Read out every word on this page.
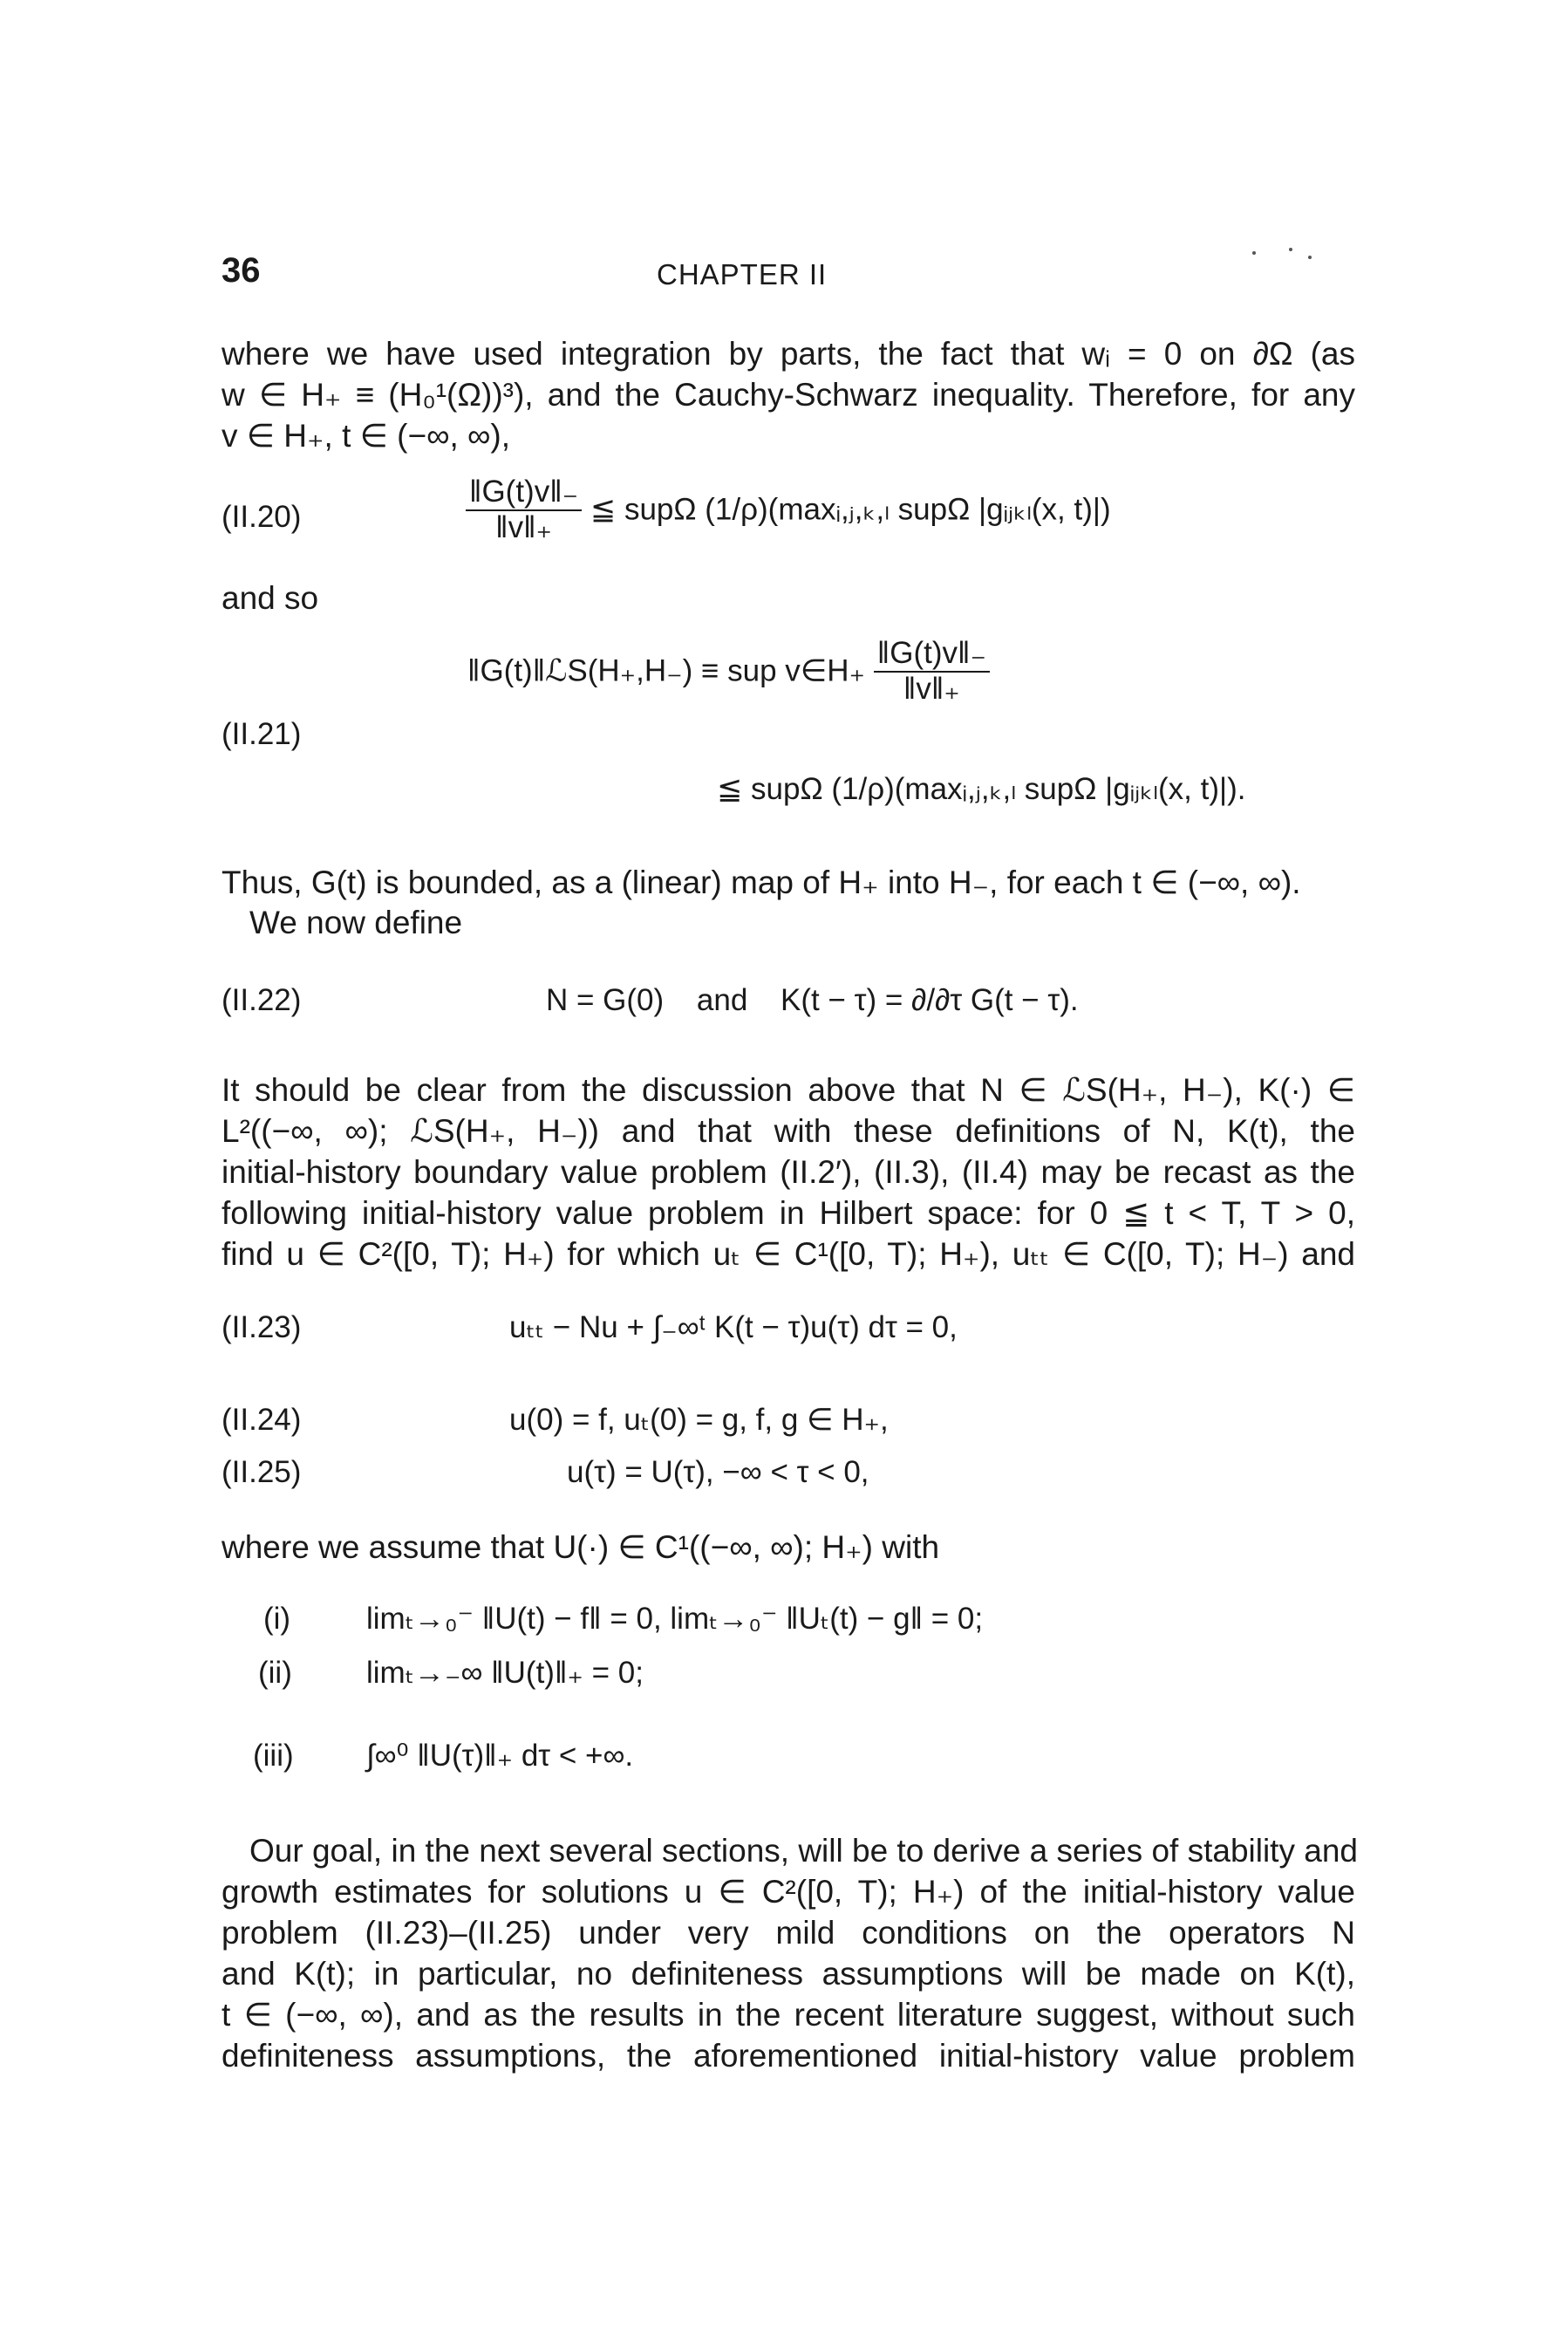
36	CHAPTER II
where we have used integration by parts, the fact that wᵢ = 0 on ∂Ω (as
w ∈ H₊ ≡ (H₀¹(Ω))³), and the Cauchy-Schwarz inequality. Therefore, for any
v ∈ H₊, t ∈ (−∞, ∞),
(II.20)	$\frac{‖G(t)v‖_-}{‖v‖_+}$ ≦ supΩ (1/ρ)(maxᵢ,ⱼ,ₖ,ₗ supΩ |gᵢⱼₖₗ(x, t)|)
and so
‖G(t)‖ℒS(H₊,H₋) ≡ sup v∈H₊ $\frac{‖G(t)v‖_-}{‖v‖_+}$
(II.21)
≦ supΩ (1/ρ)(maxᵢ,ⱼ,ₖ,ₗ supΩ |gᵢⱼₖₗ(x, t)|).
Thus, G(t) is bounded, as a (linear) map of H₊ into H₋, for each t ∈ (−∞, ∞).
We now define
(II.22)	N = G(0) and K(t − τ) = ∂/∂τ G(t − τ).
It should be clear from the discussion above that N ∈ ℒS(H₊, H₋), K(·) ∈
L²((−∞, ∞); ℒS(H₊, H₋)) and that with these definitions of N, K(t), the
initial-history boundary value problem (II.2′), (II.3), (II.4) may be recast as the
following initial-history value problem in Hilbert space: for 0 ≦ t < T, T > 0,
find u ∈ C²([0, T); H₊) for which uₜ ∈ C¹([0, T); H₊), uₜₜ ∈ C([0, T); H₋) and
(II.23)	uₜₜ − Nu + ∫₋∞ᵗ K(t − τ)u(τ) dτ = 0,
(II.24)	u(0) = f, uₜ(0) = g, f, g ∈ H₊,
(II.25)	u(τ) = U(τ), −∞ < τ < 0,
where we assume that U(·) ∈ C¹((−∞, ∞); H₊) with
(i) limₜ→₀⁻ ‖U(t) − f‖ = 0, limₜ→₀⁻ ‖Uₜ(t) − g‖ = 0;
(ii) limₜ→₋∞ ‖U(t)‖₊ = 0;
(iii) ∫∞⁰ ‖U(τ)‖₊ dτ < +∞.
Our goal, in the next several sections, will be to derive a series of stability and
growth estimates for solutions u ∈ C²([0, T); H₊) of the initial-history value
problem (II.23)–(II.25) under very mild conditions on the operators N
and K(t); in particular, no definiteness assumptions will be made on K(t),
t ∈ (−∞, ∞), and as the results in the recent literature suggest, without such
definiteness assumptions, the aforementioned initial-history value problem
